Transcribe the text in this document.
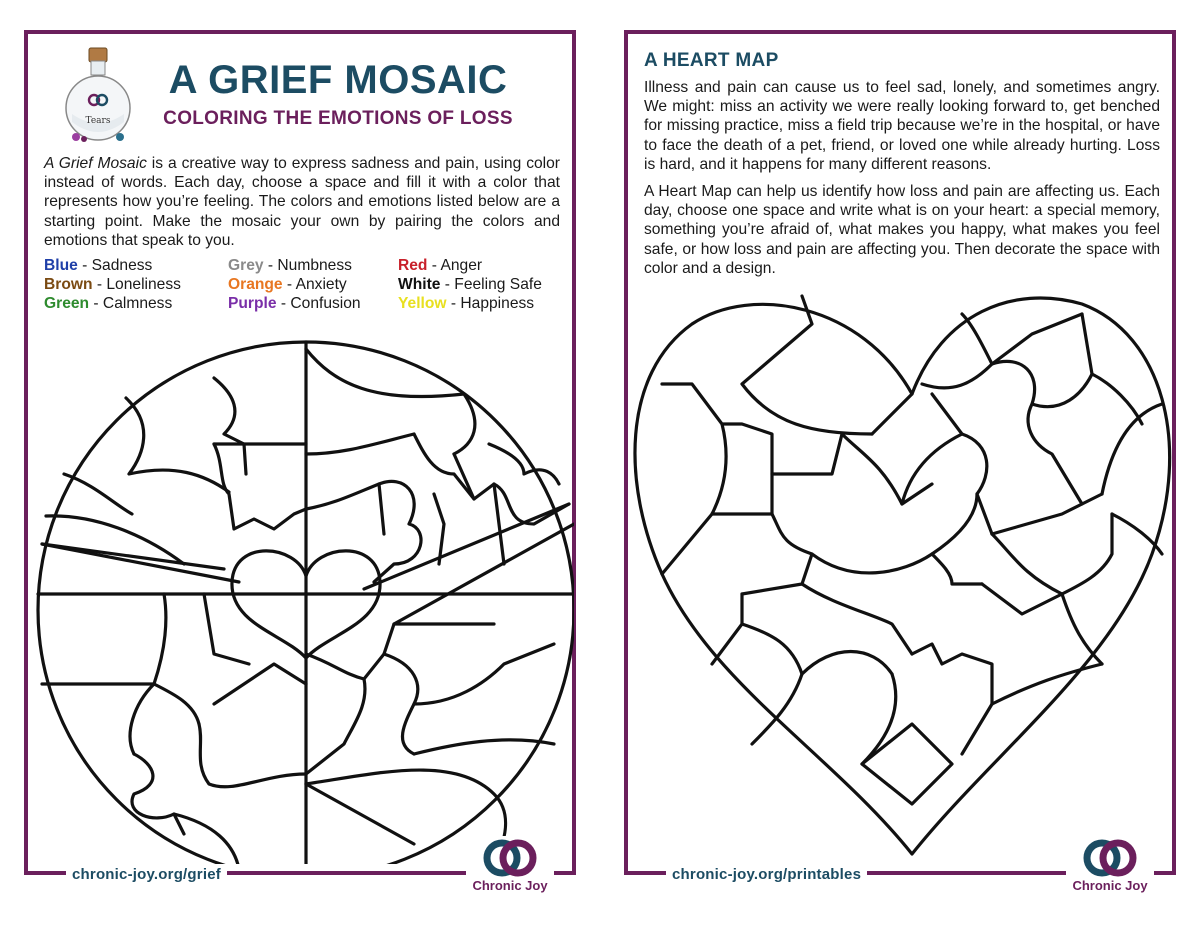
Tears
A GRIEF MOSAIC
COLORING THE EMOTIONS OF LOSS

A Grief Mosaic is a creative way to express sadness and pain, using color instead of words. Each day, choose a space and fill it with a color that represents how you’re feeling. The colors and emotions listed below are a starting point. Make the mosaic your own by pairing the colors and emotions that speak to you.

Blue - Sadness	Grey - Numbness	Red - Anger
Brown - Loneliness	Orange - Anxiety	White - Feeling Safe
Green - Calmness	Purple - Confusion	Yellow - Happiness
chronic-joy.org/grief
Chronic Joy
A HEART MAP

Illness and pain can cause us to feel sad, lonely, and sometimes angry. We might: miss an activity we were really looking forward to, get benched for missing practice, miss a field trip because we’re in the hospital, or have to face the death of a pet, friend, or loved one while already hurting. Loss is hard, and it happens for many different reasons.

A Heart Map can help us identify how loss and pain are affecting us. Each day, choose one space and write what is on your heart: a special memory, something you’re afraid of, what makes you happy, what makes you feel safe, or how loss and pain are affecting you. Then decorate the space with color and a design.

chronic-joy.org/printables
Chronic Joy
